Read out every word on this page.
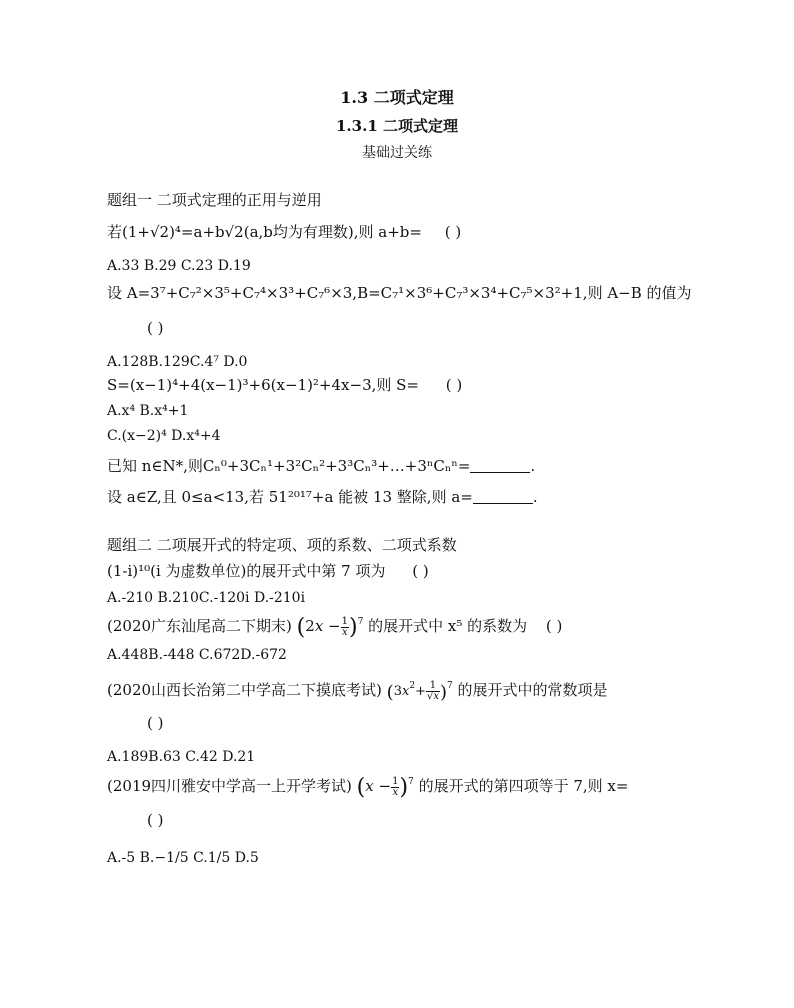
1.3 二项式定理
1.3.1 二项式定理
基础过关练
题组一 二项式定理的正用与逆用
若(1+√2)⁴=a+b√2(a,b均为有理数),则 a+b= ( )
A.33 B.29 C.23 D.19
设 A=3⁷+C₇²×3⁵+C₇⁴×3³+C₇⁶×3,B=C₇¹×3⁶+C₇³×3⁴+C₇⁵×3²+1,则 A−B 的值为
( )
A.128B.129C.4⁷ D.0
S=(x−1)⁴+4(x−1)³+6(x−1)²+4x−3,则 S= ( )
A.x⁴ B.x⁴+1
C.(x−2)⁴ D.x⁴+4
已知 n∈N*,则Cₙ⁰+3Cₙ¹+3²Cₙ²+3³Cₙ³+…+3ⁿCₙⁿ=	.
设 a∈Z,且 0≤a<13,若 51²⁰¹⁷+a 能被 13 整除,则 a=	.
题组二 二项展开式的特定项、项的系数、二项式系数
(1-i)¹⁰(i 为虚数单位)的展开式中第 7 项为 ( )
A.-210 B.210C.-120i D.-210i
(2020广东汕尾高二下期末) $(2x - \frac{1}{x} )^7$ 的展开式中 x⁵ 的系数为 ( )
A.448B.-448 C.672D.-672
(2020山西长治第二中学高二下摸底考试) $(3x^2+ \frac{1}{√x} )^7$ 的展开式中的常数项是
( )
A.189B.63 C.42 D.21
(2019四川雅安中学高一上开学考试) $(x - \frac{1}{x} )^7$ 的展开式的第四项等于 7,则 x=
( )
A.-5 B.−1/5 C.1/5 D.5
